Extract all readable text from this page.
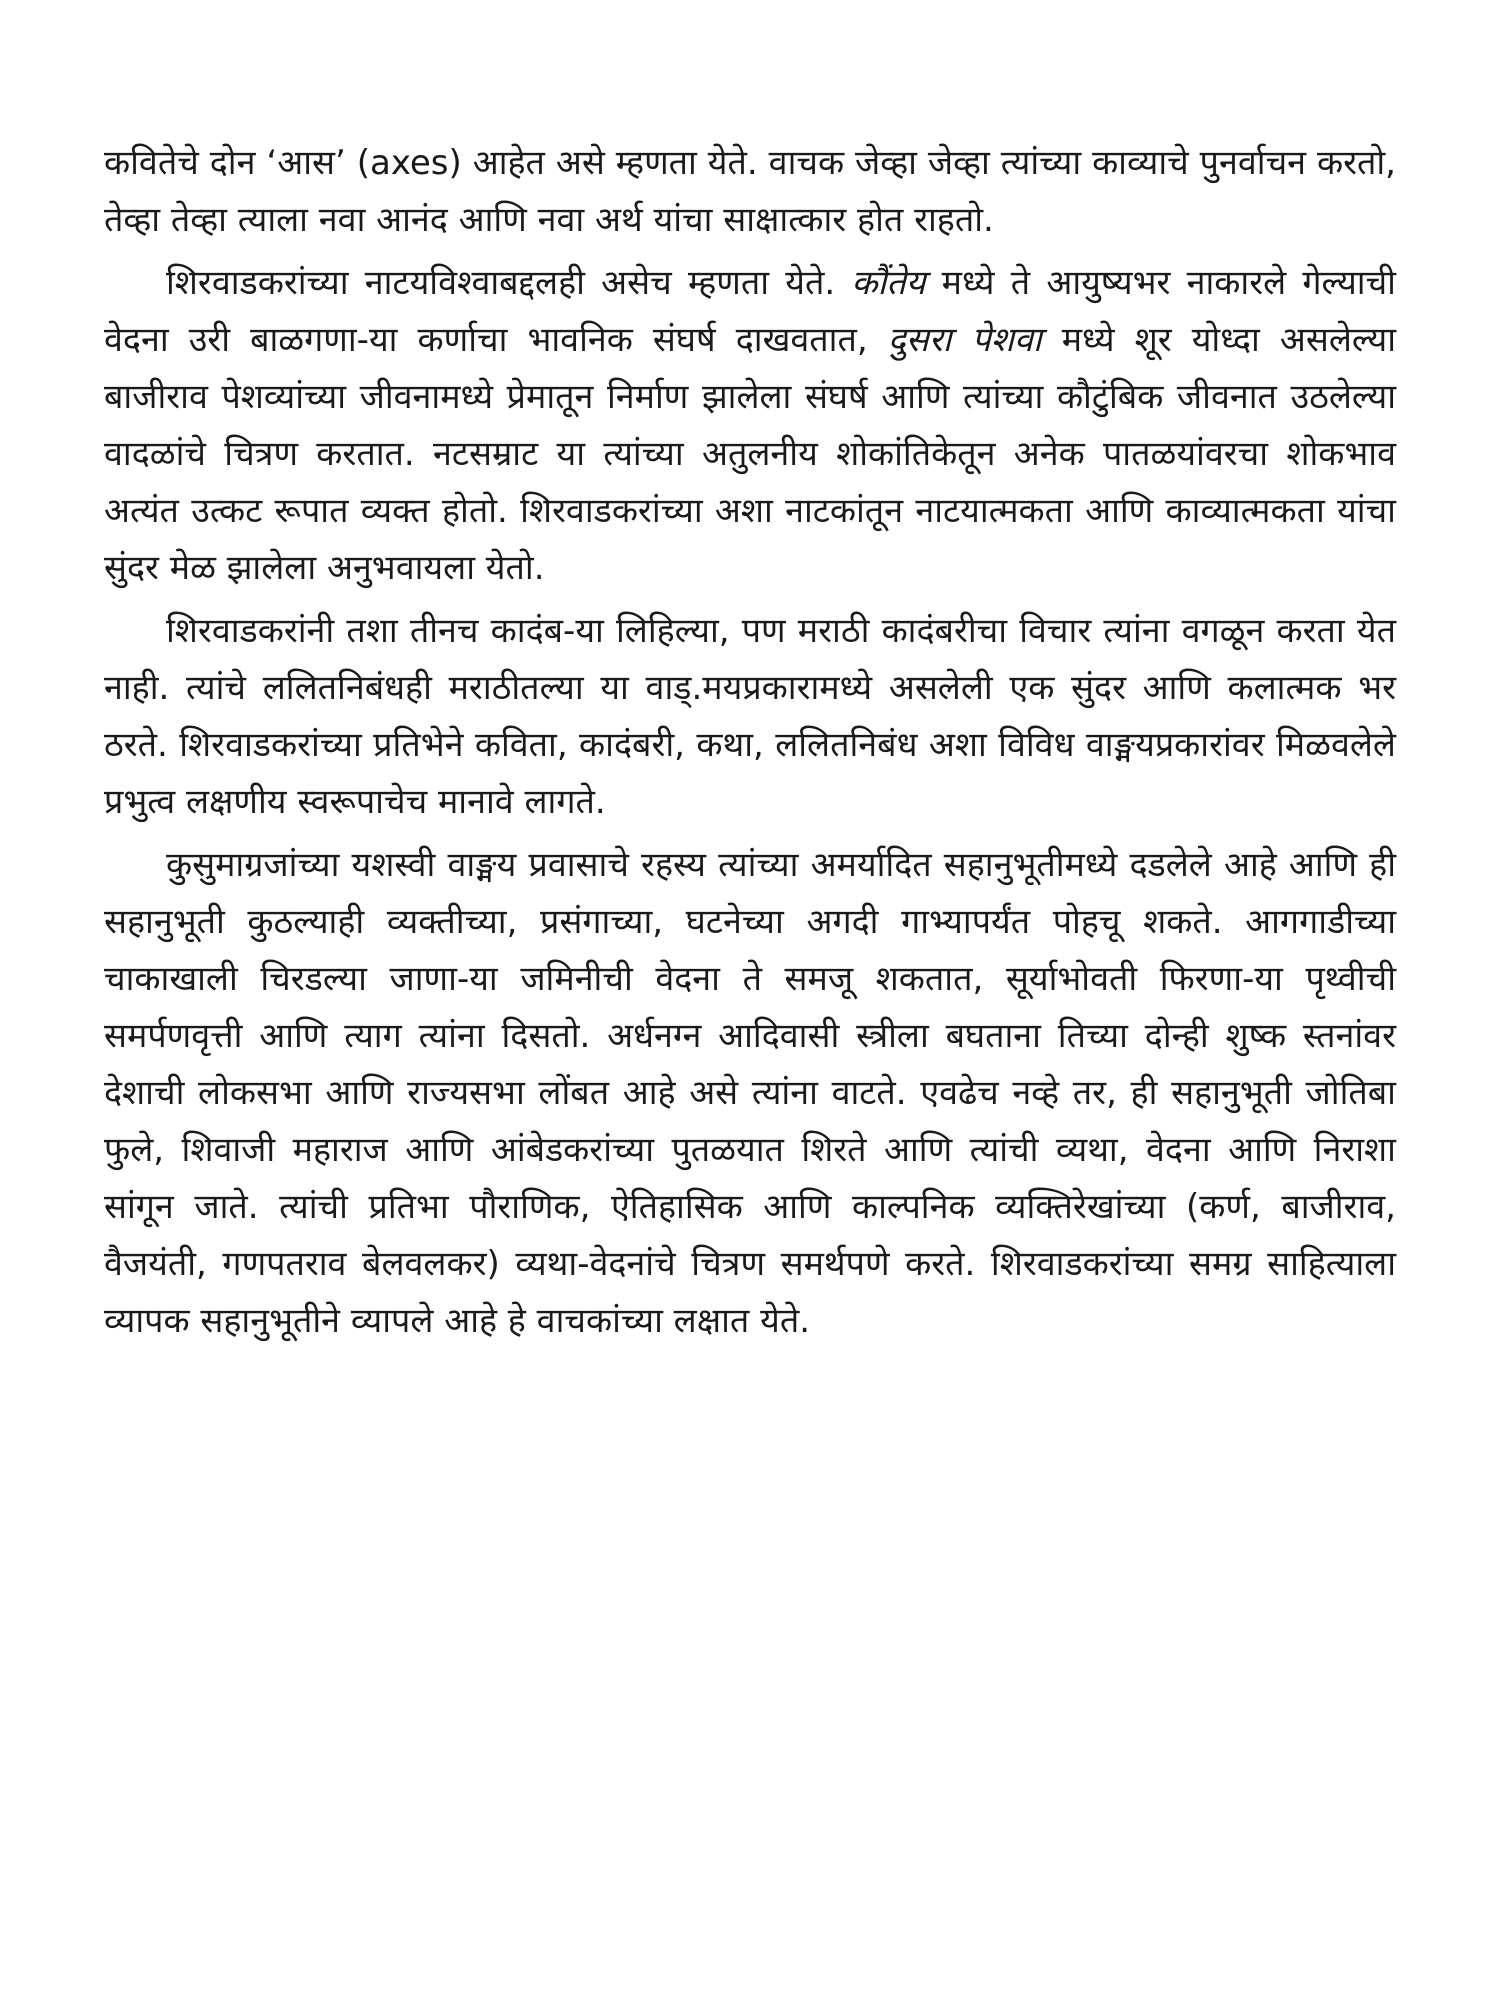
कवितेचे दोन ‘आस’ (axes) आहेत असे म्हणता येते. वाचक जेव्हा जेव्हा त्यांच्या काव्याचे पुनर्वाचन करतो, तेव्हा तेव्हा त्याला नवा आनंद आणि नवा अर्थ यांचा साक्षात्कार होत राहतो.

शिरवाडकरांच्या नाटयविश्वाबद्दलही असेच म्हणता येते. कौंतेय मध्ये ते आयुष्यभर नाकारले गेल्याची वेदना उरी बाळगणा-या कर्णाचा भावनिक संघर्ष दाखवतात, दुसरा पेशवा मध्ये शूर योध्दा असलेल्या बाजीराव पेशव्यांच्या जीवनामध्ये प्रेमातून निर्माण झालेला संघर्ष आणि त्यांच्या कौटुंबिक जीवनात उठलेल्या वादळांचे चित्रण करतात. नटसम्राट या त्यांच्या अतुलनीय शोकांतिकेतून अनेक पातळयांवरचा शोकभाव अत्यंत उत्कट रूपात व्यक्त होतो. शिरवाडकरांच्या अशा नाटकांतून नाटयात्मकता आणि काव्यात्मकता यांचा सुंदर मेळ झालेला अनुभवायला येतो.

शिरवाडकरांनी तशा तीनच कादंब-या लिहिल्या, पण मराठी कादंबरीचा विचार त्यांना वगळून करता येत नाही. त्यांचे ललितनिबंधही मराठीतल्या या वाड्.मयप्रकारामध्ये असलेली एक सुंदर आणि कलात्मक भर ठरते. शिरवाडकरांच्या प्रतिभेने कविता, कादंबरी, कथा, ललितनिबंध अशा विविध वाङ्मयप्रकारांवर मिळवलेले प्रभुत्व लक्षणीय स्वरूपाचेच मानावे लागते.

कुसुमाग्रजांच्या यशस्वी वाङ्मय प्रवासाचे रहस्य त्यांच्या अमर्यादित सहानुभूतीमध्ये दडलेले आहे आणि ही सहानुभूती कुठल्याही व्यक्तीच्या, प्रसंगाच्या, घटनेच्या अगदी गाभ्यापर्यंत पोहचू शकते. आगगाडीच्या चाकाखाली चिरडल्या जाणा-या जमिनीची वेदना ते समजू शकतात, सूर्याभोवती फिरणा-या पृथ्वीची समर्पणवृत्ती आणि त्याग त्यांना दिसतो. अर्धनग्न आदिवासी स्त्रीला बघताना तिच्या दोन्ही शुष्क स्तनांवर देशाची लोकसभा आणि राज्यसभा लोंबत आहे असे त्यांना वाटते. एवढेच नव्हे तर, ही सहानुभूती जोतिबा फुले, शिवाजी महाराज आणि आंबेडकरांच्या पुतळयात शिरते आणि त्यांची व्यथा, वेदना आणि निराशा सांगून जाते. त्यांची प्रतिभा पौराणिक, ऐतिहासिक आणि काल्पनिक व्यक्तिरेखांच्या (कर्ण, बाजीराव, वैजयंती, गणपतराव बेलवलकर) व्यथा-वेदनांचे चित्रण समर्थपणे करते. शिरवाडकरांच्या समग्र साहित्याला व्यापक सहानुभूतीने व्यापले आहे हे वाचकांच्या लक्षात येते.
